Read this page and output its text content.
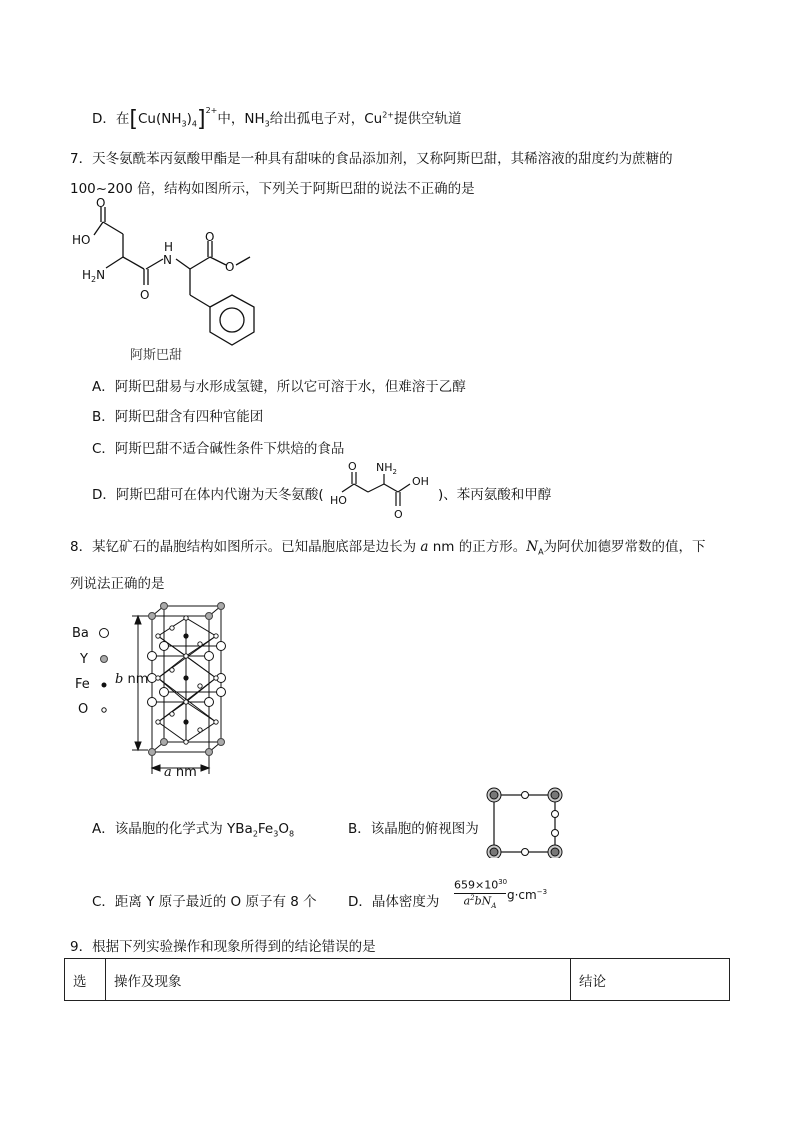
D．在$[Cu(NH_3)_4]^{2+}$中，$NH_3$给出孤电子对，$Cu^{2+}$提供空轨道
7．天冬氨酰苯丙氨酸甲酯是一种具有甜味的食品添加剂，又称阿斯巴甜，其稀溶液的甜度约为蔗糖的
100~200 倍，结构如图所示，下列关于阿斯巴甜的说法不正确的是
O
HO
$H_2N$
O
H
N
O
O
阿斯巴甜
A．阿斯巴甜易与水形成氢键，所以它可溶于水，但难溶于乙醇
B．阿斯巴甜含有四种官能团
C．阿斯巴甜不适合碱性条件下烘焙的食品
D．阿斯巴甜可在体内代谢为天冬氨酸(
O $NH_2$
OH
HO
O
)、苯丙氨酸和甲醇
8．某钇矿石的晶胞结构如图所示。已知晶胞底部是边长为 a nm 的正方形。$N_A$为阿伏加德罗常数的值，下
列说法正确的是
Ba
Y
Fe
O
b nm
a nm
A．该晶胞的化学式为 $YBa_2Fe_3O_8$	B．该晶胞的俯视图为
C．距离 Y 原子最近的 O 原子有 8 个 D．晶体密度为
$659\times 10^{30}$
$a^2bN_A$
$g\cdot cm^{-3}$
9．根据下列实验操作和现象所得到的结论错误的是
选	操作及现象	结论
